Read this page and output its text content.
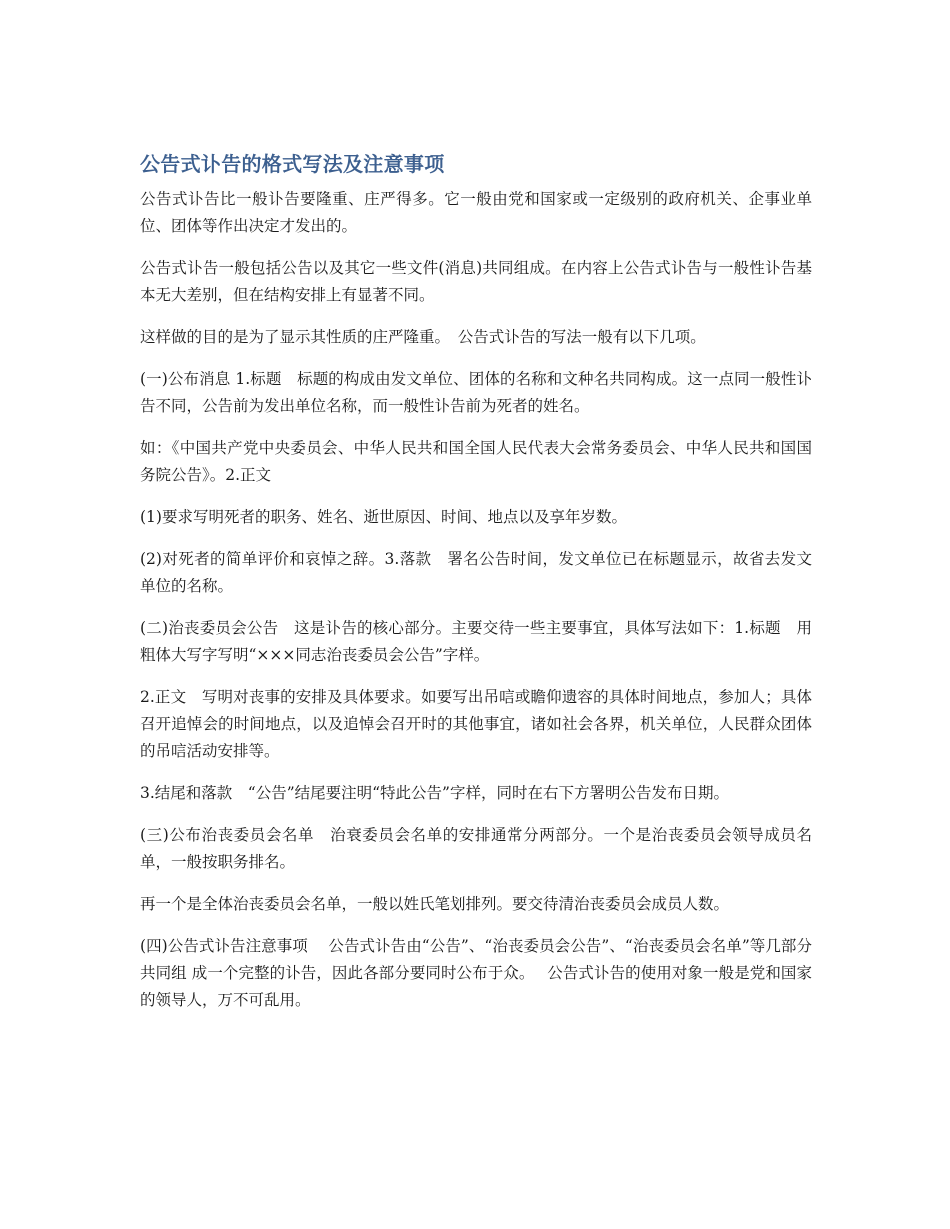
公告式讣告的格式写法及注意事项

公告式讣告比一般讣告要隆重、庄严得多。它一般由党和国家或一定级别的政府机关、企事业单位、团体等作出决定才发出的。

公告式讣告一般包括公告以及其它一些文件(消息)共同组成。在内容上公告式讣告与一般性讣告基本无大差别，但在结构安排上有显著不同。

这样做的目的是为了显示其性质的庄严隆重。　公告式讣告的写法一般有以下几项。

(一)公布消息 1.标题　标题的构成由发文单位、团体的名称和文种名共同构成。这一点同一般性讣告不同，公告前为发出单位名称，而一般性讣告前为死者的姓名。

如：《中国共产党中央委员会、中华人民共和国全国人民代表大会常务委员会、中华人民共和国国务院公告》。2.正文

(1)要求写明死者的职务、姓名、逝世原因、时间、地点以及享年岁数。

(2)对死者的简单评价和哀悼之辞。3.落款　署名公告时间，发文单位已在标题显示，故省去发文单位的名称。

(二)治丧委员会公告　这是讣告的核心部分。主要交待一些主要事宜，具体写法如下：1.标题　用粗体大写字写明“×××同志治丧委员会公告”字样。

2.正文　写明对丧事的安排及具体要求。如要写出吊唁或瞻仰遗容的具体时间地点，参加人；具体召开追悼会的时间地点，以及追悼会召开时的其他事宜，诸如社会各界，机关单位，人民群众团体的吊唁活动安排等。

3.结尾和落款　“公告”结尾要注明“特此公告”字样，同时在右下方署明公告发布日期。

(三)公布治丧委员会名单　治衰委员会名单的安排通常分两部分。一个是治丧委员会领导成员名单，一般按职务排名。

再一个是全体治丧委员会名单，一般以姓氏笔划排列。要交待清治丧委员会成员人数。

(四)公告式讣告注意事项　 公告式讣告由“公告”、“治丧委员会公告”、“治丧委员会名单”等几部分共同组 成一个完整的讣告，因此各部分要同时公布于众。　 公告式讣告的使用对象一般是党和国家的领导人，万不可乱用。
